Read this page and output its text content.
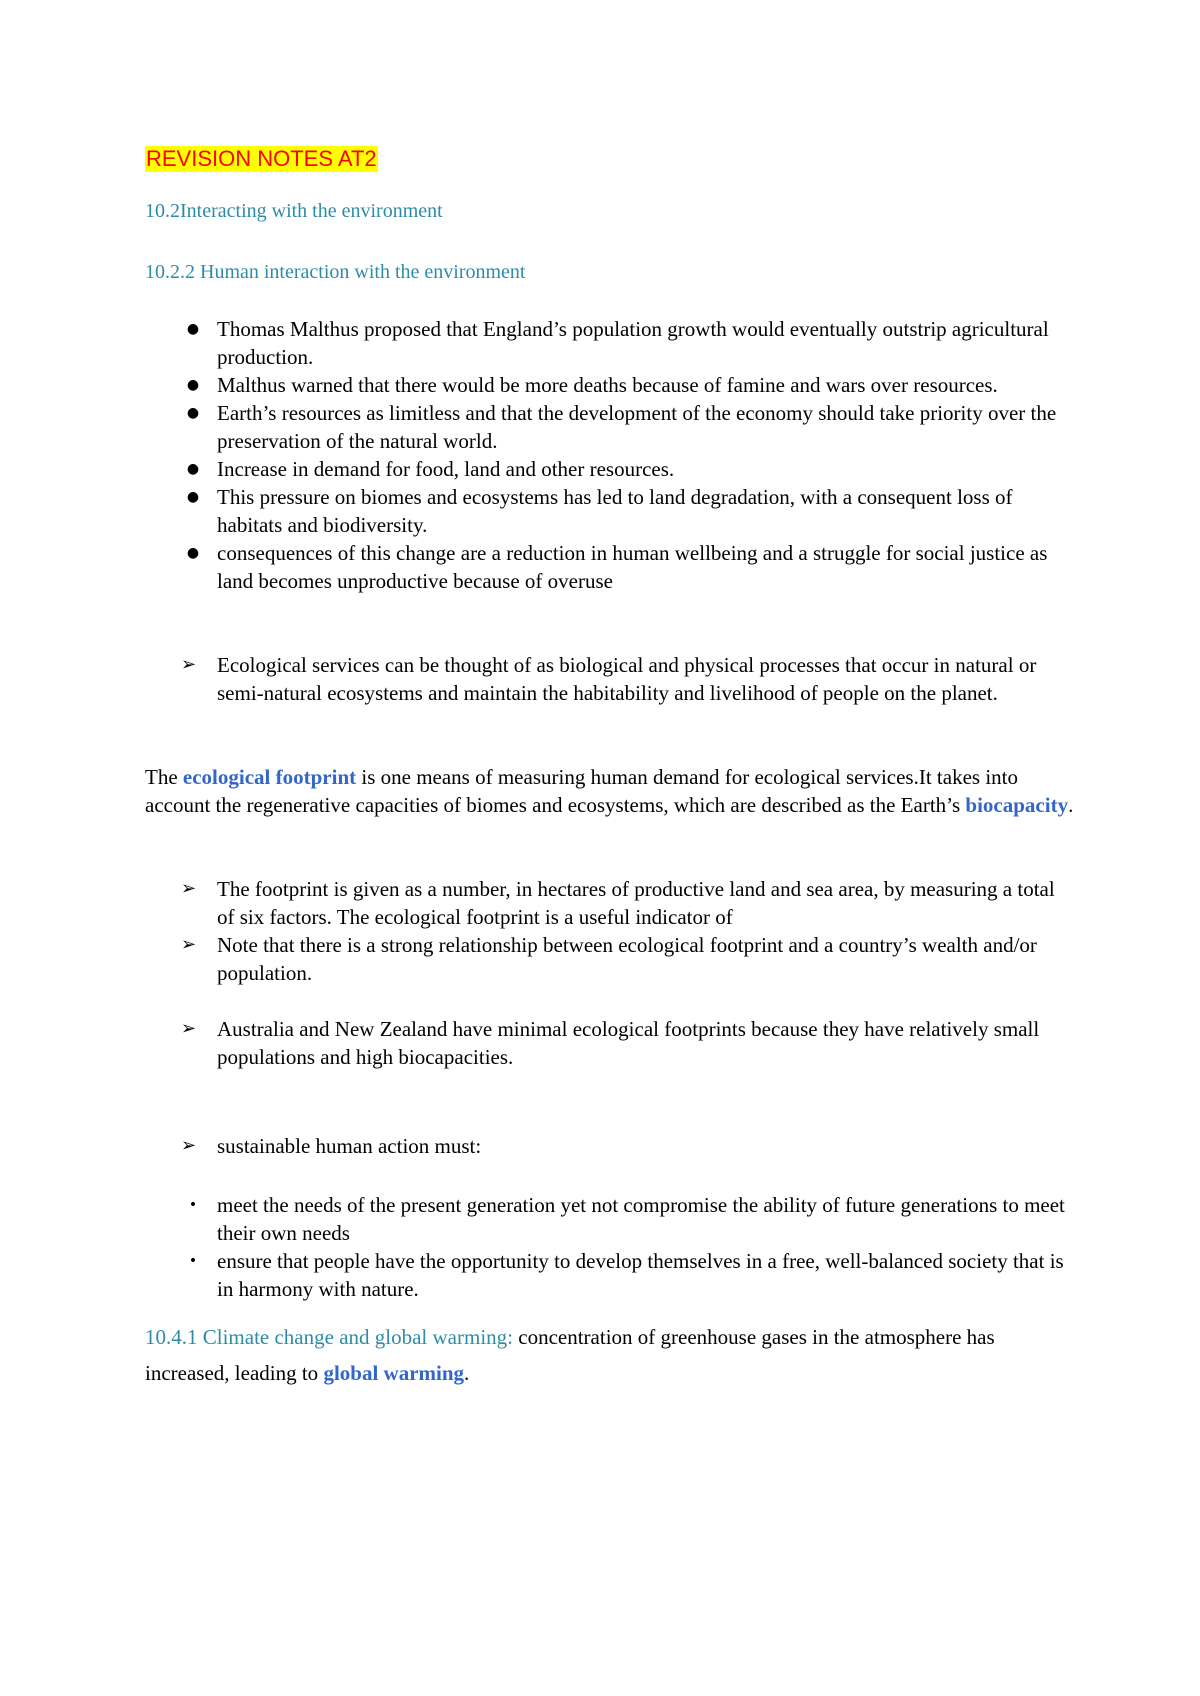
REVISION NOTES AT2
10.2Interacting with the environment
10.2.2 Human interaction with the environment
● Thomas Malthus proposed that England’s population growth would eventually outstrip agricultural production.
● Malthus warned that there would be more deaths because of famine and wars over resources.
● Earth’s resources as limitless and that the development of the economy should take priority over the preservation of the natural world.
● Increase in demand for food, land and other resources.
● This pressure on biomes and ecosystems has led to land degradation, with a consequent loss of habitats and biodiversity.
● consequences of this change are a reduction in human wellbeing and a struggle for social justice as land becomes unproductive because of overuse
➢ Ecological services can be thought of as biological and physical processes that occur in natural or semi-natural ecosystems and maintain the habitability and livelihood of people on the planet.

The ecological footprint is one means of measuring human demand for ecological services.It takes into account the regenerative capacities of biomes and ecosystems, which are described as the Earth’s biocapacity.

➢ The footprint is given as a number, in hectares of productive land and sea area, by measuring a total of six factors. The ecological footprint is a useful indicator of
➢ Note that there is a strong relationship between ecological footprint and a country’s wealth and/or population.
➢ Australia and New Zealand have minimal ecological footprints because they have relatively small populations and high biocapacities.
➢ sustainable human action must:
• meet the needs of the present generation yet not compromise the ability of future generations to meet their own needs
• ensure that people have the opportunity to develop themselves in a free, well-balanced society that is in harmony with nature.

10.4.1 Climate change and global warming: concentration of greenhouse gases in the atmosphere has increased, leading to global warming.
